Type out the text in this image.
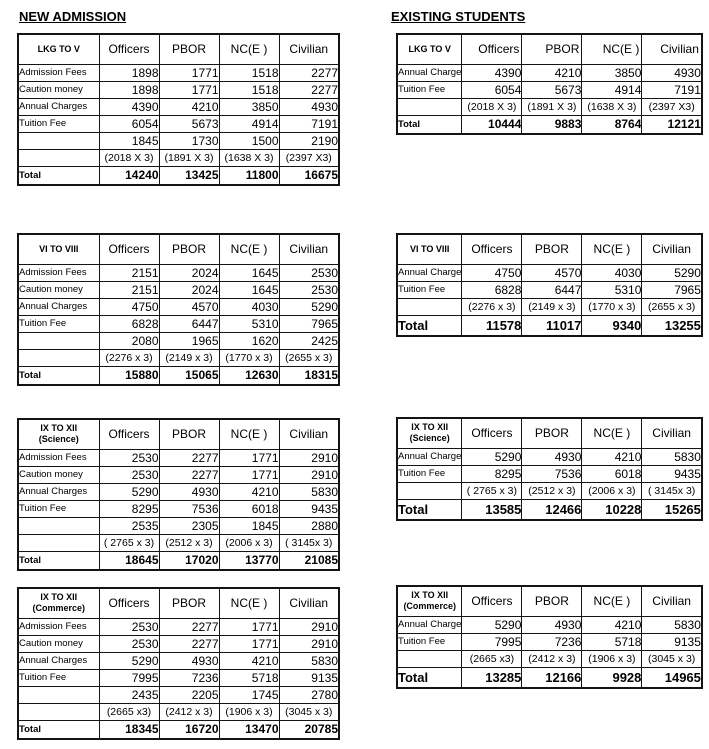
NEW ADMISSION	EXISTING STUDENTS
LKG TO V	Officers	PBOR	NC(E )	Civilian
Admission Fees	1898	1771	1518	2277
Caution money	1898	1771	1518	2277
Annual Charges	4390	4210	3850	4930
Tuition Fee	6054	5673	4914	7191
	1845	1730	1500	2190
	(2018 X 3)	(1891 X 3)	(1638 X 3)	(2397 X3)
Total	14240	13425	11800	16675
VI TO VIII	Officers	PBOR	NC(E )	Civilian
Admission Fees	2151	2024	1645	2530
Caution money	2151	2024	1645	2530
Annual Charges	4750	4570	4030	5290
Tuition Fee	6828	6447	5310	7965
	2080	1965	1620	2425
	(2276 x 3)	(2149 x 3)	(1770 x 3)	(2655 x 3)
Total	15880	15065	12630	18315
IX TO XII
(Science)	Officers	PBOR	NC(E )	Civilian
Admission Fees	2530	2277	1771	2910
Caution money	2530	2277	1771	2910
Annual Charges	5290	4930	4210	5830
Tuition Fee	8295	7536	6018	9435
	2535	2305	1845	2880
	( 2765 x 3)	(2512 x 3)	(2006 x 3)	( 3145x 3)
Total	18645	17020	13770	21085
IX TO XII
(Commerce)	Officers	PBOR	NC(E )	Civilian
Admission Fees	2530	2277	1771	2910
Caution money	2530	2277	1771	2910
Annual Charges	5290	4930	4210	5830
Tuition Fee	7995	7236	5718	9135
	2435	2205	1745	2780
	(2665 x3)	(2412 x 3)	(1906 x 3)	(3045 x 3)
Total	18345	16720	13470	20785
LKG TO V	Officers	PBOR	NC(E )	Civilian
Annual Charge	4390	4210	3850	4930
Tuition Fee	6054	5673	4914	7191
	(2018 X 3)	(1891 X 3)	(1638 X 3)	(2397 X3)
Total	10444	9883	8764	12121
VI TO VIII	Officers	PBOR	NC(E )	Civilian
Annual Charge	4750	4570	4030	5290
Tuition Fee	6828	6447	5310	7965
	(2276 x 3)	(2149 x 3)	(1770 x 3)	(2655 x 3)
Total	11578	11017	9340	13255
IX TO XII
(Science)	Officers	PBOR	NC(E )	Civilian
Annual Charge	5290	4930	4210	5830
Tuition Fee	8295	7536	6018	9435
	( 2765 x 3)	(2512 x 3)	(2006 x 3)	( 3145x 3)
Total	13585	12466	10228	15265
IX TO XII
(Commerce)	Officers	PBOR	NC(E )	Civilian
Annual Charge	5290	4930	4210	5830
Tuition Fee	7995	7236	5718	9135
	(2665 x3)	(2412 x 3)	(1906 x 3)	(3045 x 3)
Total	13285	12166	9928	14965
